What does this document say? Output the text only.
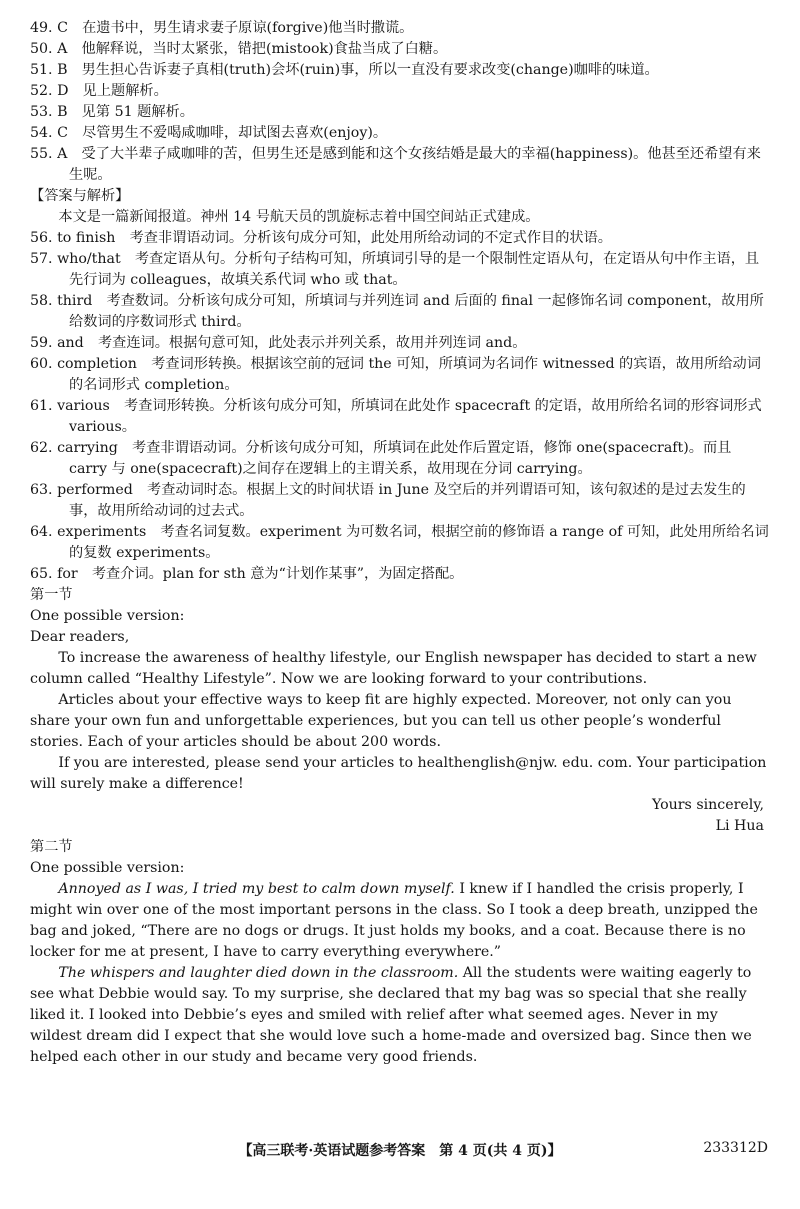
49. C　在遗书中，男生请求妻子原谅(forgive)他当时撒谎。
50. A　他解释说，当时太紧张，错把(mistook)食盐当成了白糖。
51. B　男生担心告诉妻子真相(truth)会坏(ruin)事，所以一直没有要求改变(change)咖啡的味道。
52. D　见上题解析。
53. B　见第 51 题解析。
54. C　尽管男生不爱喝咸咖啡，却试图去喜欢(enjoy)。
55. A　受了大半辈子咸咖啡的苦，但男生还是感到能和这个女孩结婚是最大的幸福(happiness)。他甚至还希望有来生呢。
【答案与解析】
本文是一篇新闻报道。神州 14 号航天员的凯旋标志着中国空间站正式建成。
56. to finish　考查非谓语动词。分析该句成分可知，此处用所给动词的不定式作目的状语。
57. who/that　考查定语从句。分析句子结构可知，所填词引导的是一个限制性定语从句，在定语从句中作主语，且先行词为 colleagues，故填关系代词 who 或 that。
58. third　考查数词。分析该句成分可知，所填词与并列连词 and 后面的 final 一起修饰名词 component，故用所给数词的序数词形式 third。
59. and　考查连词。根据句意可知，此处表示并列关系，故用并列连词 and。
60. completion　考查词形转换。根据该空前的冠词 the 可知，所填词为名词作 witnessed 的宾语，故用所给动词的名词形式 completion。
61. various　考查词形转换。分析该句成分可知，所填词在此处作 spacecraft 的定语，故用所给名词的形容词形式 various。
62. carrying　考查非谓语动词。分析该句成分可知，所填词在此处作后置定语，修饰 one(spacecraft)。而且 carry 与 one(spacecraft)之间存在逻辑上的主谓关系，故用现在分词 carrying。
63. performed　考查动词时态。根据上文的时间状语 in June 及空后的并列谓语可知，该句叙述的是过去发生的事，故用所给动词的过去式。
64. experiments　考查名词复数。experiment 为可数名词，根据空前的修饰语 a range of 可知，此处用所给名词的复数 experiments。
65. for　考查介词。plan for sth 意为“计划作某事”，为固定搭配。
第一节
One possible version:
Dear readers,
To increase the awareness of healthy lifestyle, our English newspaper has decided to start a new column called “Healthy Lifestyle”. Now we are looking forward to your contributions.
Articles about your effective ways to keep fit are highly expected. Moreover, not only can you share your own fun and unforgettable experiences, but you can tell us other people’s wonderful stories. Each of your articles should be about 200 words.
If you are interested, please send your articles to healthenglish@njw. edu. com. Your participation will surely make a difference!
Yours sincerely,
Li Hua
第二节
One possible version:
Annoyed as I was, I tried my best to calm down myself. I knew if I handled the crisis properly, I might win over one of the most important persons in the class. So I took a deep breath, unzipped the bag and joked, “There are no dogs or drugs. It just holds my books, and a coat. Because there is no locker for me at present, I have to carry everything everywhere.”
The whispers and laughter died down in the classroom. All the students were waiting eagerly to see what Debbie would say. To my surprise, she declared that my bag was so special that she really liked it. I looked into Debbie’s eyes and smiled with relief after what seemed ages. Never in my wildest dream did I expect that she would love such a home-made and oversized bag. Since then we helped each other in our study and became very good friends.
【高三联考·英语试题参考答案　第 4 页(共 4 页)】	233312D
